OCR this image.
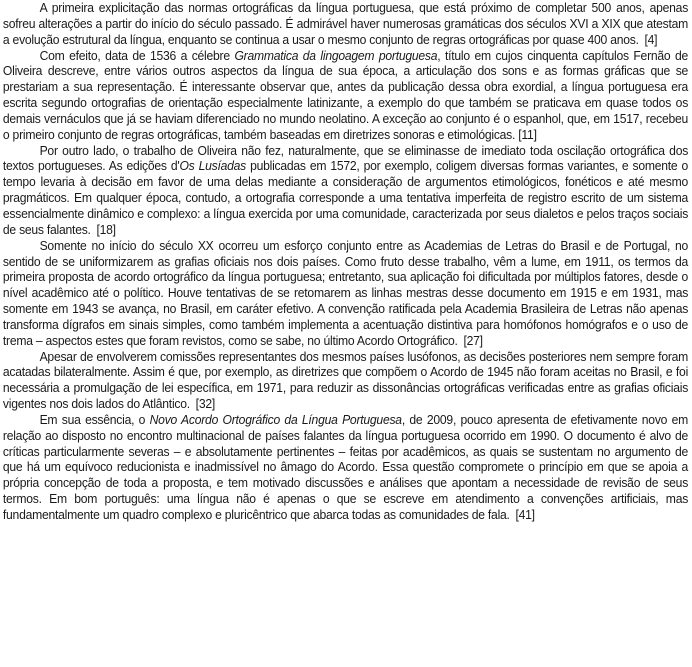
A primeira explicitação das normas ortográficas da língua portuguesa, que está próximo de completar 500 anos, apenas sofreu alterações a partir do início do século passado. É admirável haver numerosas gramáticas dos séculos XVI a XIX que atestam a evolução estrutural da língua, enquanto se continua a usar o mesmo conjunto de regras ortográficas por quase 400 anos. [4]

Com efeito, data de 1536 a célebre Grammatica da lingoagem portuguesa, título em cujos cinquenta capítulos Fernão de Oliveira descreve, entre vários outros aspectos da língua de sua época, a articulação dos sons e as formas gráficas que se prestariam a sua representação. É interessante observar que, antes da publicação dessa obra exordial, a língua portuguesa era escrita segundo ortografias de orientação especialmente latinizante, a exemplo do que também se praticava em quase todos os demais vernáculos que já se haviam diferenciado no mundo neolatino. A exceção ao conjunto é o espanhol, que, em 1517, recebeu o primeiro conjunto de regras ortográficas, também baseadas em diretrizes sonoras e etimológicas. [11]

Por outro lado, o trabalho de Oliveira não fez, naturalmente, que se eliminasse de imediato toda oscilação ortográfica dos textos portugueses. As edições d'Os Lusíadas publicadas em 1572, por exemplo, coligem diversas formas variantes, e somente o tempo levaria à decisão em favor de uma delas mediante a consideração de argumentos etimológicos, fonéticos e até mesmo pragmáticos. Em qualquer época, contudo, a ortografia corresponde a uma tentativa imperfeita de registro escrito de um sistema essencialmente dinâmico e complexo: a língua exercida por uma comunidade, caracterizada por seus dialetos e pelos traços sociais de seus falantes. [18]

Somente no início do século XX ocorreu um esforço conjunto entre as Academias de Letras do Brasil e de Portugal, no sentido de se uniformizarem as grafias oficiais nos dois países. Como fruto desse trabalho, vêm a lume, em 1911, os termos da primeira proposta de acordo ortográfico da língua portuguesa; entretanto, sua aplicação foi dificultada por múltiplos fatores, desde o nível acadêmico até o político. Houve tentativas de se retomarem as linhas mestras desse documento em 1915 e em 1931, mas somente em 1943 se avança, no Brasil, em caráter efetivo. A convenção ratificada pela Academia Brasileira de Letras não apenas transforma dígrafos em sinais simples, como também implementa a acentuação distintiva para homófonos homógrafos e o uso de trema – aspectos estes que foram revistos, como se sabe, no último Acordo Ortográfico. [27]

Apesar de envolverem comissões representantes dos mesmos países lusófonos, as decisões posteriores nem sempre foram acatadas bilateralmente. Assim é que, por exemplo, as diretrizes que compõem o Acordo de 1945 não foram aceitas no Brasil, e foi necessária a promulgação de lei específica, em 1971, para reduzir as dissonâncias ortográficas verificadas entre as grafias oficiais vigentes nos dois lados do Atlântico. [32]

Em sua essência, o Novo Acordo Ortográfico da Língua Portuguesa, de 2009, pouco apresenta de efetivamente novo em relação ao disposto no encontro multinacional de países falantes da língua portuguesa ocorrido em 1990. O documento é alvo de críticas particularmente severas – e absolutamente pertinentes – feitas por acadêmicos, as quais se sustentam no argumento de que há um equívoco reducionista e inadmissível no âmago do Acordo. Essa questão compromete o princípio em que se apoia a própria concepção de toda a proposta, e tem motivado discussões e análises que apontam a necessidade de revisão de seus termos. Em bom português: uma língua não é apenas o que se escreve em atendimento a convenções artificiais, mas fundamentalmente um quadro complexo e pluricêntrico que abarca todas as comunidades de fala. [41]
